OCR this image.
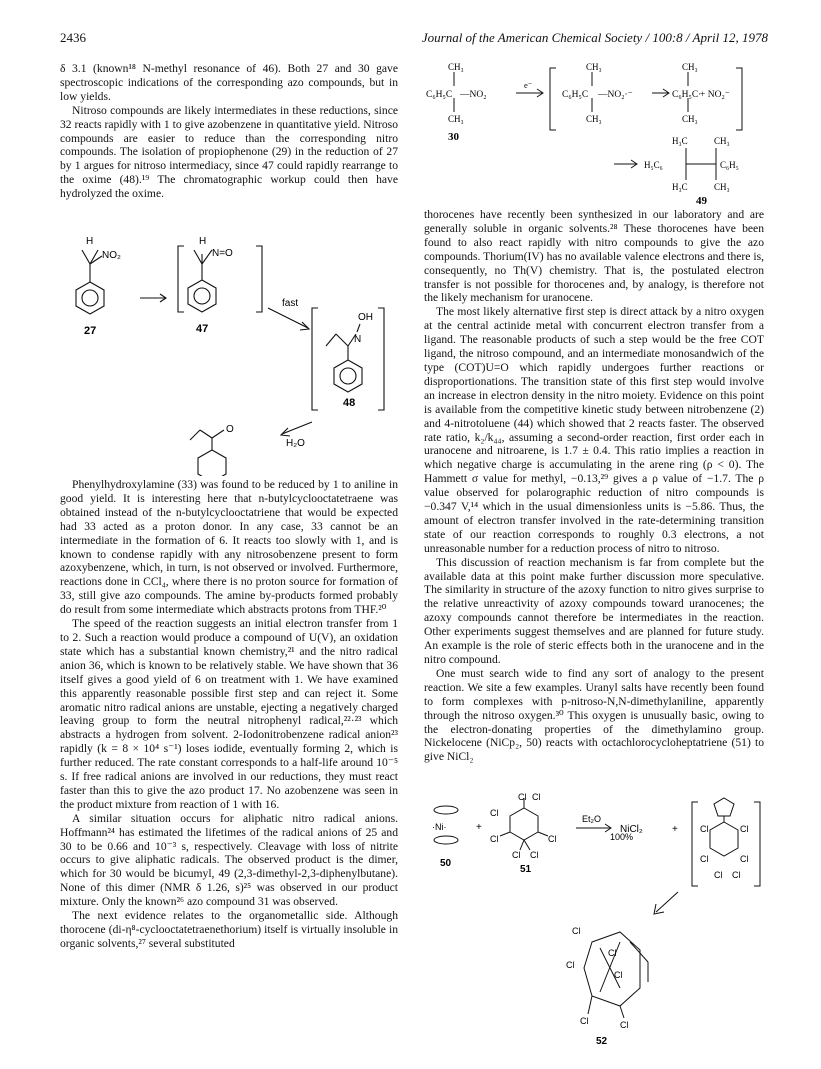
2436	Journal of the American Chemical Society / 100:8 / April 12, 1978

δ 3.1 (known¹⁸ N-methyl resonance of 46). Both 27 and 30 gave spectroscopic indications of the corresponding azo compounds, but in low yields.

Nitroso compounds are likely intermediates in these reductions, since 32 reacts rapidly with 1 to give azobenzene in quantitative yield. Nitroso compounds are easier to reduce than the corresponding nitro compounds. The isolation of propiophenone (29) in the reduction of 27 by 1 argues for nitroso intermediacy, since 47 could rapidly rearrange to the oxime (48).¹⁹ The chromatographic workup could then have hydrolyzed the oxime.

H
NO₂
27
H
N=O
47
fast
OH
N
48
H₂O
O

Phenylhydroxylamine (33) was found to be reduced by 1 to aniline in good yield. It is interesting here that n-butylcyclooctatetraene was obtained instead of the n-butylcyclooctatriene that would be expected had 33 acted as a proton donor. In any case, 33 cannot be an intermediate in the formation of 6. It reacts too slowly with 1, and is known to condense rapidly with any nitrosobenzene present to form azoxybenzene, which, in turn, is not observed or involved. Furthermore, reactions done in CCl₄, where there is no proton source for formation of 33, still give azo compounds. The amine by-products formed probably do result from some intermediate which abstracts protons from THF.²⁰

The speed of the reaction suggests an initial electron transfer from 1 to 2. Such a reaction would produce a compound of U(V), an oxidation state which has a substantial known chemistry,²¹ and the nitro radical anion 36, which is known to be relatively stable. We have shown that 36 itself gives a good yield of 6 on treatment with 1. We have examined this apparently reasonable possible first step and can reject it. Some aromatic nitro radical anions are unstable, ejecting a negatively charged leaving group to form the neutral nitrophenyl radical,²²·²³ which abstracts a hydrogen from solvent. 2-Iodonitrobenzene radical anion²³ rapidly (k = 8 × 10⁴ s⁻¹) loses iodide, eventually forming 2, which is further reduced. The rate constant corresponds to a half-life around 10⁻⁵ s. If free radical anions are involved in our reductions, they must react faster than this to give the azo product 17. No azobenzene was seen in the product mixture from reaction of 1 with 16.

A similar situation occurs for aliphatic nitro radical anions. Hoffmann²⁴ has estimated the lifetimes of the radical anions of 25 and 30 to be 0.66 and 10⁻³ s, respectively. Cleavage with loss of nitrite occurs to give aliphatic radicals. The observed product is the dimer, which for 30 would be bicumyl, 49 (2,3-dimethyl-2,3-diphenylbutane). None of this dimer (NMR δ 1.26, s)²⁵ was observed in our product mixture. Only the known²⁶ azo compound 31 was observed.

The next evidence relates to the organometallic side. Although thorocene (di-η⁸-cyclooctatetraenethorium) itself is virtually insoluble in organic solvents,²⁷ several substituted

CH₃
C₆H₅C —NO₂
CH₃
30
e⁻
CH₃
C₆H₅C —NO₂·⁻
CH₃
CH₃
C₆H₅C·
+ NO₂⁻
CH₃
H₃C	CH₃
H₅C₆	C₆H₅
H₃C	CH₃
49

thorocenes have recently been synthesized in our laboratory and are generally soluble in organic solvents.²⁸ These thorocenes have been found to also react rapidly with nitro compounds to give the azo compounds. Thorium(IV) has no available valence electrons and there is, consequently, no Th(V) chemistry. That is, the postulated electron transfer is not possible for thorocenes and, by analogy, is therefore not the likely mechanism for uranocene.

The most likely alternative first step is direct attack by a nitro oxygen at the central actinide metal with concurrent electron transfer from a ligand. The reasonable products of such a step would be the free COT ligand, the nitroso compound, and an intermediate monosandwich of the type (COT)U=O which rapidly undergoes further reactions or disproportionations. The transition state of this first step would involve an increase in electron density in the nitro moiety. Evidence on this point is available from the competitive kinetic study between nitrobenzene (2) and 4-nitrotoluene (44) which showed that 2 reacts faster. The observed rate ratio, k₂/k₄₄, assuming a second-order reaction, first order each in uranocene and nitroarene, is 1.7 ± 0.4. This ratio implies a reaction in which negative charge is accumulating in the arene ring (ρ < 0). The Hammett σ value for methyl, −0.13,²⁹ gives a ρ value of −1.7. The ρ value observed for polarographic reduction of nitro compounds is −0.347 V,¹⁴ which in the usual dimensionless units is −5.86. Thus, the amount of electron transfer involved in the rate-determining transition state of our reaction corresponds to roughly 0.3 electrons, a not unreasonable number for a reduction process of nitro to nitroso.

This discussion of reaction mechanism is far from complete but the available data at this point make further discussion more speculative. The similarity in structure of the azoxy function to nitro gives surprise to the relative unreactivity of azoxy compounds toward uranocenes; the azoxy compounds cannot therefore be intermediates in the reaction. Other experiments suggest themselves and are planned for future study. An example is the role of steric effects both in the uranocene and in the nitro compound.

One must search wide to find any sort of analogy to the present reaction. We site a few examples. Uranyl salts have recently been found to form complexes with p-nitroso-N,N-dimethylaniline, apparently through the nitroso oxygen.³⁰ This oxygen is unusually basic, owing to the electron-donating properties of the dimethylamino group. Nickelocene (NiCp₂, 50) reacts with octachlorocycloheptatriene (51) to give NiCl₂

·Ni·
50
+
Cl
Cl Cl
Cl	Cl
Cl Cl
51
Et₂O
100%
NiCl₂	+ Cl	Cl
Cl	Cl
Cl Cl
Cl
Cl
Cl
Cl
Cl	Cl
52
